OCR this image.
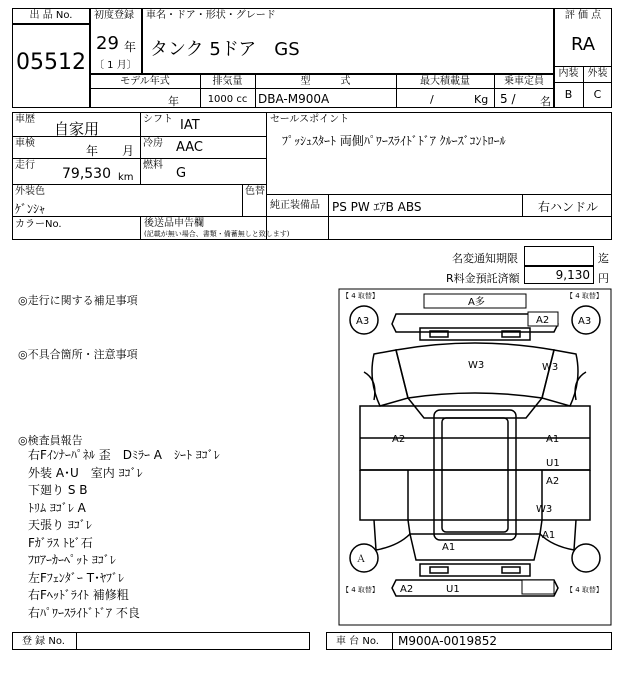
出 品 No.
05512
初度登録
29 年
〔 1 月〕
車名・ドア・形状・グレード
タンク 5ドア　GS
評 価 点
RA
内装 外装
B	C
モデル年式
年
排気量
1000 cc
型　　　式
DBA-M900A
最大積載量
/	Kg
乗車定員
5 / 名
車歴
自家用
シフト IAT
車検
年 月
冷房 AAC
走行
79,530 km
燃料
G
外装色
ｹﾞﾝｼｬ
色替
カラーNo.
セールスポイント
ﾌﾟｯｼｭｽﾀｰﾄ 両側ﾊﾟﾜｰｽﾗｲﾄﾞﾄﾞｱ ｸﾙｰｽﾞｺﾝﾄﾛｰﾙ
純正装備品 PS PW ｴｱB ABS	右ハンドル
後送品申告欄
(記載が無い場合、書類・備蓄無しと致します)
名変通知期限	迄
R料金預託済額	9,130 円
◎走行に関する補足事項
◎不具合箇所・注意事項
◎検査員報告
右Fｲﾝﾅｰﾊﾟﾈﾙ 歪　Dﾐﾗｰ A　ｼｰﾄ ﾖｺﾞﾚ
外装 A･U　室内 ﾖｺﾞﾚ
下廻り S B
ﾄﾘﾑ ﾖｺﾞﾚ A
天張り ﾖｺﾞﾚ
Fｶﾞﾗｽ ﾄﾋﾞ石
ﾌﾛｱｰｶｰﾍﾟｯﾄ ﾖｺﾞﾚ
左Fﾌｪﾝﾀﾞｰ T･ﾔﾌﾞﾚ
右Fﾍｯﾄﾞﾗｲﾄ 補修粗
右ﾊﾟﾜｰｽﾗｲﾄﾞﾄﾞｱ 不良
【 4 取替】	【 4 取替】
【 4 取替】	【 4 取替】
A多
A3	A3
A2
W3	W3
A2	A1
U1
A2
W3
A1
A1
A2	U1
Ａ
登 録 No.	車 台 No. M900A-0019852
